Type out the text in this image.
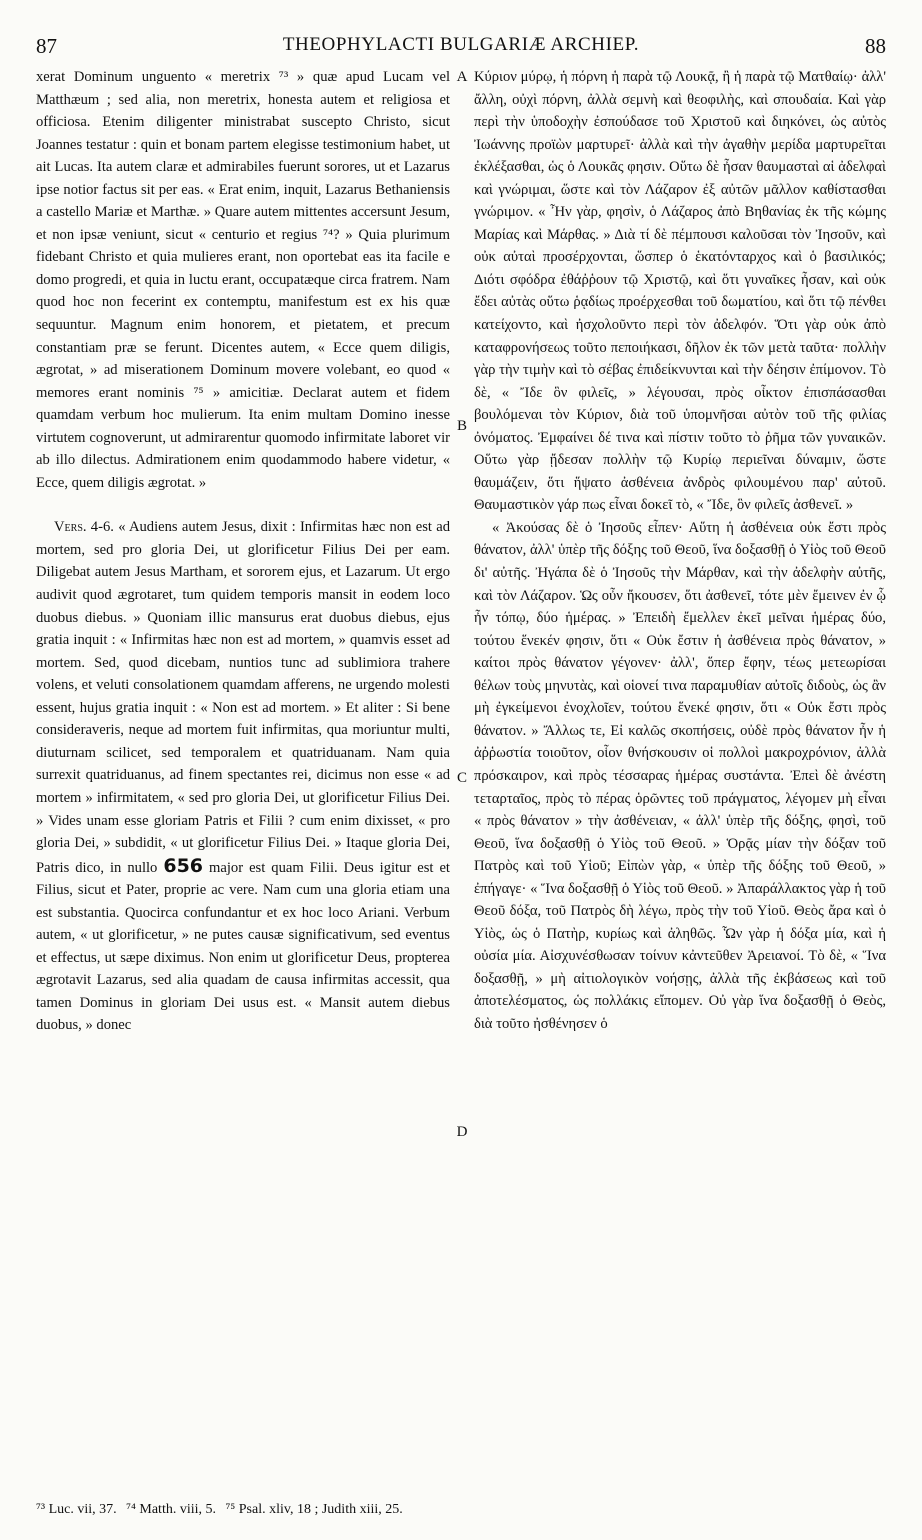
87	THEOPHYLACTI BULGARIÆ ARCHIEP.	88

xerat Dominum unguento « meretrix ⁷³ » quæ apud Lucam vel Matthæum ; sed alia, non meretrix, honesta autem et religiosa et officiosa. Etenim diligenter ministrabat suscepto Christo, sicut Joannes testatur : quin et bonam partem elegisse testimonium habet, ut ait Lucas. Ita autem claræ et admirabiles fuerunt sorores, ut et Lazarus ipse notior factus sit per eas. « Erat enim, inquit, Lazarus Bethaniensis a castello Mariæ et Marthæ. » Quare autem mittentes accersunt Jesum, et non ipsæ veniunt, sicut « centurio et regius ⁷⁴? » Quia plurimum fidebant Christo et quia mulieres erant, non oportebat eas ita facile e domo progredi, et quia in luctu erant, occupatæque circa fratrem. Nam quod hoc non fecerint ex contemptu, manifestum est ex his quæ sequuntur. Magnum enim honorem, et pietatem, et precum constantiam præ se ferunt. Dicentes autem, « Ecce quem diligis, ægrotat, » ad miserationem Dominum movere volebant, eo quod « memores erant nominis ⁷⁵ » amicitiæ. Declarat autem et fidem quamdam verbum hoc mulierum. Ita enim multam Domino inesse virtutem cognoverunt, ut admirarentur quomodo infirmitate laboret vir ab illo dilectus. Admirationem enim quodammodo habere videtur, « Ecce, quem diligis ægrotat. »

Vers. 4-6. « Audiens autem Jesus, dixit : Infirmitas hæc non est ad mortem, sed pro gloria Dei, ut glorificetur Filius Dei per eam. Diligebat autem Jesus Martham, et sororem ejus, et Lazarum. Ut ergo audivit quod ægrotaret, tum quidem temporis mansit in eodem loco duobus diebus. » Quoniam illic mansurus erat duobus diebus, ejus gratia inquit : « Infirmitas hæc non est ad mortem, » quamvis esset ad mortem. Sed, quod dicebam, nuntios tunc ad sublimiora trahere volens, et veluti consolationem quamdam afferens, ne urgendo molesti essent, hujus gratia inquit : « Non est ad mortem. » Et aliter : Si bene consideraveris, neque ad mortem fuit infirmitas, qua moriuntur multi, diuturnam scilicet, sed temporalem et quatriduanam. Nam quia surrexit quatriduanus, ad finem spectantes rei, dicimus non esse « ad mortem » infirmitatem, « sed pro gloria Dei, ut glorificetur Filius Dei. » Vides unam esse gloriam Patris et Filii ? cum enim dixisset, « pro gloria Dei, » subdidit, « ut glorificetur Filius Dei. » Itaque gloria Dei, Patris dico, in nullo 656 major est quam Filii. Deus igitur est et Filius, sicut et Pater, proprie ac vere. Nam cum una gloria etiam una est substantia. Quocirca confundantur et ex hoc loco Ariani. Verbum autem, « ut glorificetur, » ne putes causæ significativum, sed eventus et effectus, ut sæpe diximus. Non enim ut glorificetur Deus, propterea ægrotavit Lazarus, sed alia quadam de causa infirmitas accessit, qua tamen Dominus in gloriam Dei usus est. « Mansit autem diebus duobus, » donec

A
B
C
D

Κύριον μύρῳ, ἡ πόρνη ἡ παρὰ τῷ Λουκᾷ, ἢ ἡ παρὰ τῷ Ματθαίῳ· ἀλλ' ἄλλη, οὐχὶ πόρνη, ἀλλὰ σεμνὴ καὶ θεοφιλὴς, καὶ σπουδαία. Καὶ γὰρ περὶ τὴν ὑποδοχὴν ἐσπούδασε τοῦ Χριστοῦ καὶ διηκόνει, ὡς αὐτὸς Ἰωάννης προϊὼν μαρτυρεῖ· ἀλλὰ καὶ τὴν ἀγαθὴν μερίδα μαρτυρεῖται ἐκλέξασθαι, ὡς ὁ Λουκᾶς φησιν. Οὕτω δὲ ἦσαν θαυμασταὶ αἱ ἀδελφαὶ καὶ γνώριμαι, ὥστε καὶ τὸν Λάζαρον ἐξ αὐτῶν μᾶλλον καθίστασθαι γνώριμον. « Ἦν γὰρ, φησὶν, ὁ Λάζαρος ἀπὸ Βηθανίας ἐκ τῆς κώμης Μαρίας καὶ Μάρθας. » Διὰ τί δὲ πέμπουσι καλοῦσαι τὸν Ἰησοῦν, καὶ οὐκ αὐταὶ προσέρχονται, ὥσπερ ὁ ἑκατόνταρχος καὶ ὁ βασιλικός; Διότι σφόδρα ἐθάῤῥουν τῷ Χριστῷ, καὶ ὅτι γυναῖκες ἦσαν, καὶ οὐκ ἔδει αὐτὰς οὕτω ῥᾳδίως προέρχεσθαι τοῦ δωματίου, καὶ ὅτι τῷ πένθει κατείχοντο, καὶ ἠσχολοῦντο περὶ τὸν ἀδελφόν. Ὅτι γὰρ οὐκ ἀπὸ καταφρονήσεως τοῦτο πεποιήκασι, δῆλον ἐκ τῶν μετὰ ταῦτα· πολλὴν γὰρ τὴν τιμὴν καὶ τὸ σέβας ἐπιδείκνυνται καὶ τὴν δέησιν ἐπίμονον. Τὸ δὲ, « Ἴδε ὃν φιλεῖς, » λέγουσαι, πρὸς οἶκτον ἐπισπάσασθαι βουλόμεναι τὸν Κύριον, διὰ τοῦ ὑπομνῆσαι αὐτὸν τοῦ τῆς φιλίας ὀνόματος. Ἐμφαίνει δέ τινα καὶ πίστιν τοῦτο τὸ ῥῆμα τῶν γυναικῶν. Οὕτω γὰρ ᾔδεσαν πολλὴν τῷ Κυρίῳ περιεῖναι δύναμιν, ὥστε θαυμάζειν, ὅτι ἥψατο ἀσθένεια ἀνδρὸς φιλουμένου παρ' αὐτοῦ. Θαυμαστικὸν γάρ πως εἶναι δοκεῖ τὸ, « Ἴδε, ὃν φιλεῖς ἀσθενεῖ. »

« Ἀκούσας δὲ ὁ Ἰησοῦς εἶπεν· Αὕτη ἡ ἀσθένεια οὐκ ἔστι πρὸς θάνατον, ἀλλ' ὑπὲρ τῆς δόξης τοῦ Θεοῦ, ἵνα δοξασθῇ ὁ Υἱὸς τοῦ Θεοῦ δι' αὐτῆς. Ἠγάπα δὲ ὁ Ἰησοῦς τὴν Μάρθαν, καὶ τὴν ἀδελφὴν αὐτῆς, καὶ τὸν Λάζαρον. Ὡς οὖν ἤκουσεν, ὅτι ἀσθενεῖ, τότε μὲν ἔμεινεν ἐν ᾧ ἦν τόπῳ, δύο ἡμέρας. » Ἐπειδὴ ἔμελλεν ἐκεῖ μεῖναι ἡμέρας δύο, τούτου ἕνεκέν φησιν, ὅτι « Οὐκ ἔστιν ἡ ἀσθένεια πρὸς θάνατον, » καίτοι πρὸς θάνατον γέγονεν· ἀλλ', ὅπερ ἔφην, τέως μετεωρίσαι θέλων τοὺς μηνυτὰς, καὶ οἱονεί τινα παραμυθίαν αὐτοῖς διδοὺς, ὡς ἂν μὴ ἐγκείμενοι ἐνοχλοῖεν, τούτου ἕνεκέ φησιν, ὅτι « Οὐκ ἔστι πρὸς θάνατον. » Ἄλλως τε, Εἰ καλῶς σκοπήσεις, οὐδὲ πρὸς θάνατον ἦν ἡ ἀῤῥωστία τοιοῦτον, οἷον θνήσκουσιν οἱ πολλοὶ μακροχρόνιον, ἀλλὰ πρόσκαιρον, καὶ πρὸς τέσσαρας ἡμέρας συστάντα. Ἐπεὶ δὲ ἀνέστη τεταρταῖος, πρὸς τὸ πέρας ὁρῶντες τοῦ πράγματος, λέγομεν μὴ εἶναι « πρὸς θάνατον » τὴν ἀσθένειαν, « ἀλλ' ὑπὲρ τῆς δόξης, φησὶ, τοῦ Θεοῦ, ἵνα δοξασθῇ ὁ Υἱὸς τοῦ Θεοῦ. » Ὁρᾷς μίαν τὴν δόξαν τοῦ Πατρὸς καὶ τοῦ Υἱοῦ; Εἰπὼν γὰρ, « ὑπὲρ τῆς δόξης τοῦ Θεοῦ, » ἐπήγαγε· « Ἵνα δοξασθῇ ὁ Υἱὸς τοῦ Θεοῦ. » Ἀπαράλλακτος γὰρ ἡ τοῦ Θεοῦ δόξα, τοῦ Πατρὸς δὴ λέγω, πρὸς τὴν τοῦ Υἱοῦ. Θεὸς ἄρα καὶ ὁ Υἱὸς, ὡς ὁ Πατὴρ, κυρίως καὶ ἀληθῶς. Ὧν γὰρ ἡ δόξα μία, καὶ ἡ οὐσία μία. Αἰσχυνέσθωσαν τοίνυν κἀντεῦθεν Ἀρειανοί. Τὸ δὲ, « Ἵνα δοξασθῇ, » μὴ αἰτιολογικὸν νοήσῃς, ἀλλὰ τῆς ἐκβάσεως καὶ τοῦ ἀποτελέσματος, ὡς πολλάκις εἴπομεν. Οὐ γὰρ ἵνα δοξασθῇ ὁ Θεὸς, διὰ τοῦτο ἠσθένησεν ὁ

⁷³ Luc. vii, 37. ⁷⁴ Matth. viii, 5. ⁷⁵ Psal. xliv, 18 ; Judith xiii, 25.
